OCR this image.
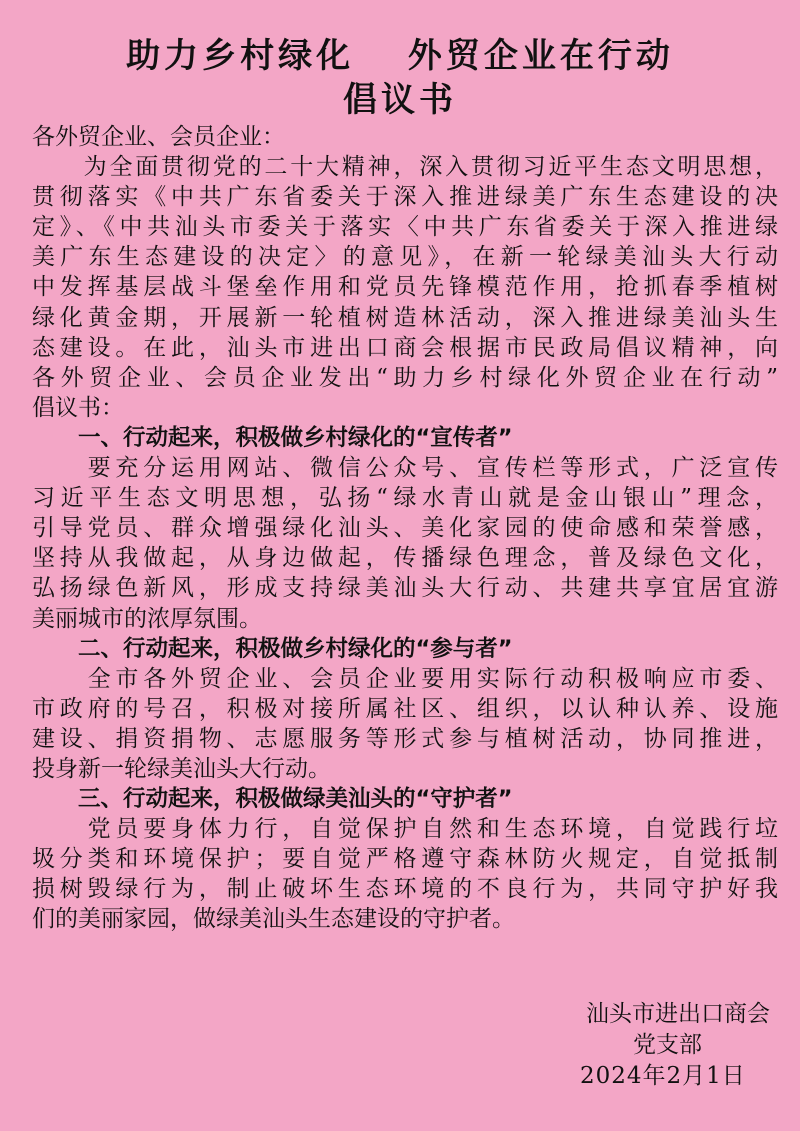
助力乡村绿化　 外贸企业在行动
倡议书
各外贸企业、会员企业：
　　为全面贯彻党的二十大精神，深入贯彻习近平生态文明思想，
贯彻落实《中共广东省委关于深入推进绿美广东生态建设的决
定》、《中共汕头市委关于落实〈中共广东省委关于深入推进绿
美广东生态建设的决定〉的意见》，在新一轮绿美汕头大行动
中发挥基层战斗堡垒作用和党员先锋模范作用，抢抓春季植树
绿化黄金期，开展新一轮植树造林活动，深入推进绿美汕头生
态建设。在此，汕头市进出口商会根据市民政局倡议精神，向
各外贸企业、会员企业发出“助力乡村绿化外贸企业在行动”
倡议书：
一、行动起来，积极做乡村绿化的“宣传者”
　　要充分运用网站、微信公众号、宣传栏等形式，广泛宣传
习近平生态文明思想，弘扬“绿水青山就是金山银山”理念，
引导党员、群众增强绿化汕头、美化家园的使命感和荣誉感，
坚持从我做起，从身边做起，传播绿色理念，普及绿色文化，
弘扬绿色新风，形成支持绿美汕头大行动、共建共享宜居宜游
美丽城市的浓厚氛围。
二、行动起来，积极做乡村绿化的“参与者”
　　全市各外贸企业、会员企业要用实际行动积极响应市委、
市政府的号召，积极对接所属社区、组织，以认种认养、设施
建设、捐资捐物、志愿服务等形式参与植树活动，协同推进，
投身新一轮绿美汕头大行动。
三、行动起来，积极做绿美汕头的“守护者”
　　党员要身体力行，自觉保护自然和生态环境，自觉践行垃
圾分类和环境保护；要自觉严格遵守森林防火规定，自觉抵制
损树毁绿行为，制止破坏生态环境的不良行为，共同守护好我
们的美丽家园，做绿美汕头生态建设的守护者。
汕头市进出口商会
党支部
2024年2月1日
